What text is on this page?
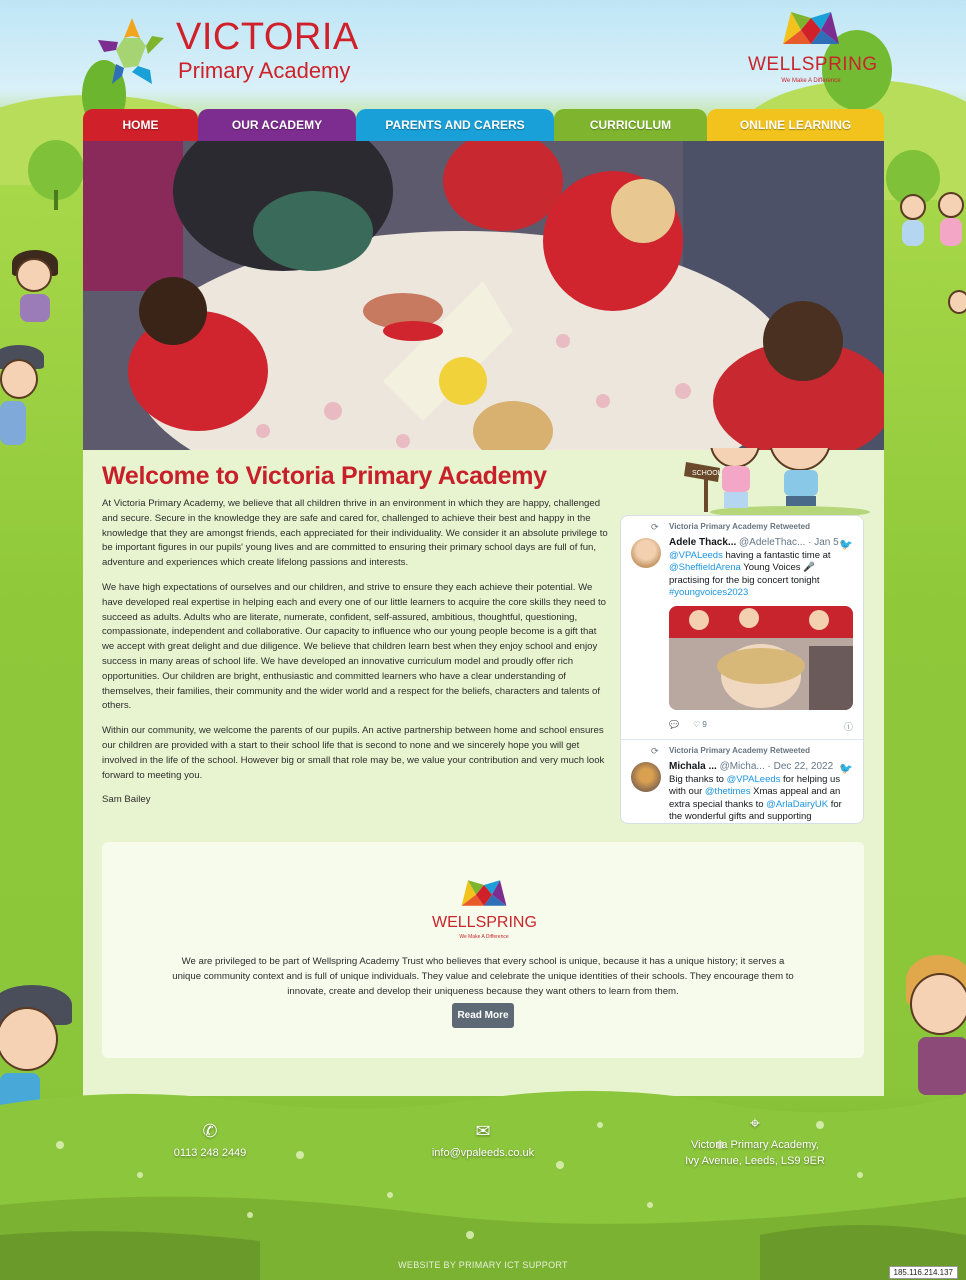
VICTORIA
Primary Academy	WELLSPRING
We Make A Difference
HOME	OUR ACADEMY	PARENTS AND CARERS	CURRICULUM	ONLINE LEARNING
Welcome to Victoria Primary Academy

At Victoria Primary Academy, we believe that all children thrive in an environment in which they are happy, challenged and secure. Secure in the knowledge they are safe and cared for, challenged to achieve their best and happy in the knowledge that they are amongst friends, each appreciated for their individuality. We consider it an absolute privilege to be important figures in our pupils' young lives and are committed to ensuring their primary school days are full of fun, adventure and experiences which create lifelong passions and interests.

We have high expectations of ourselves and our children, and strive to ensure they each achieve their potential. We have developed real expertise in helping each and every one of our little learners to acquire the core skills they need to succeed as adults. Adults who are literate, numerate, confident, self-assured, ambitious, thoughtful, questioning, compassionate, independent and collaborative. Our capacity to influence who our young people become is a gift that we accept with great delight and due diligence. We believe that children learn best when they enjoy school and enjoy success in many areas of school life. We have developed an innovative curriculum model and proudly offer rich opportunities. Our children are bright, enthusiastic and committed learners who have a clear understanding of themselves, their families, their community and the wider world and a respect for the beliefs, characters and talents of others.

Within our community, we welcome the parents of our pupils. An active partnership between home and school ensures our children are provided with a start to their school life that is second to none and we sincerely hope you will get involved in the life of the school. However big or small that role may be, we value your contribution and very much look forward to meeting you.

Sam Bailey

SCHOOL
⟳	Victoria Primary Academy Retweeted
Adele Thack... @AdeleThac... · Jan 5 🐦
@VPALeeds having a fantastic time at @SheffieldArena Young Voices 🎤 practising for the big concert tonight #youngvoices2023
💬 ♡ 9	ⓘ
⟳	Victoria Primary Academy Retweeted
Michala ... @Micha... · Dec 22, 2022 🐦
Big thanks to @VPALeeds for helping us with our @thetimes Xmas appeal and an extra special thanks to @ArlaDairyUK for the wonderful gifts and supporting
WELLSPRING
We Make A Difference

We are privileged to be part of Wellspring Academy Trust who believes that every school is unique, because it has a unique history; it serves a unique community context and is full of unique individuals. They value and celebrate the unique identities of their schools. They encourage them to innovate, create and develop their uniqueness because they want others to learn from them.

Read More
✆
0113 248 2449
✉
info@vpaleeds.co.uk
⌖
Victoria Primary Academy,
Ivy Avenue, Leeds, LS9 9ER
WEBSITE BY PRIMARY ICT SUPPORT
185.116.214.137
